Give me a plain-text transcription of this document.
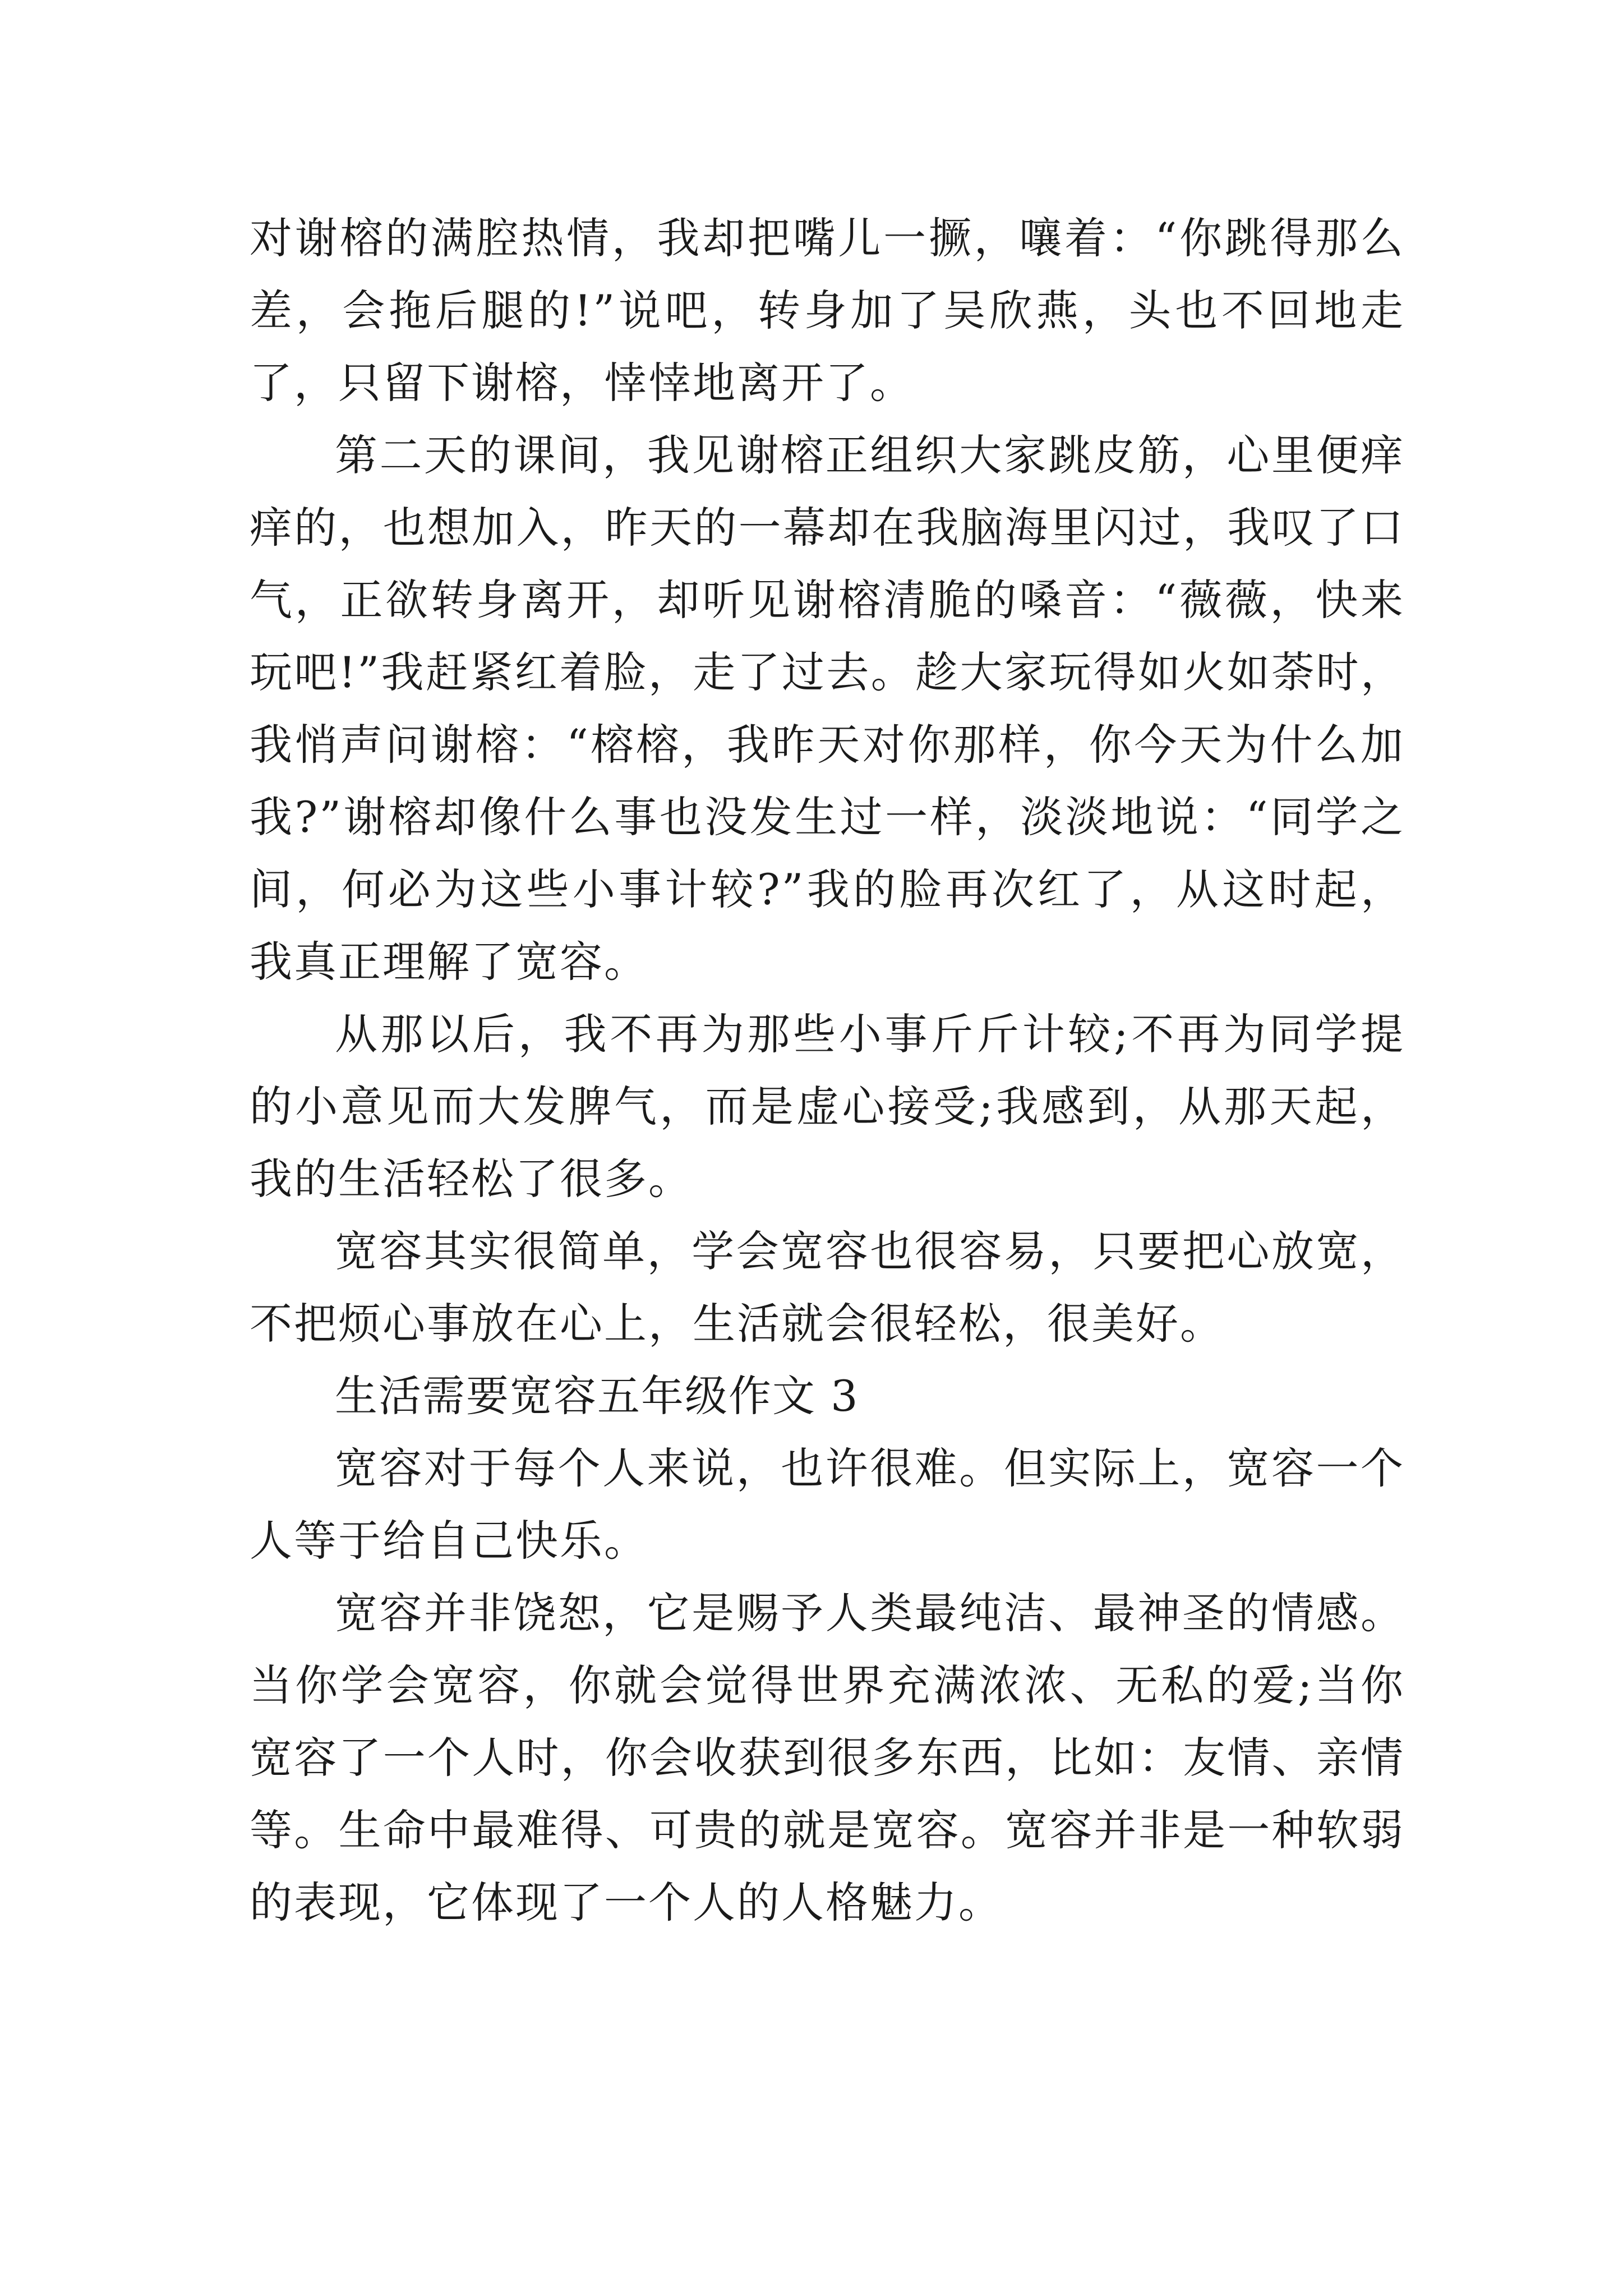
对谢榕的满腔热情，我却把嘴儿一撅，嚷着：“你跳得那么差，会拖后腿的!”说吧，转身加了吴欣燕，头也不回地走了，只留下谢榕，悻悻地离开了。

第二天的课间，我见谢榕正组织大家跳皮筋，心里便痒痒的，也想加入，昨天的一幕却在我脑海里闪过，我叹了口气，正欲转身离开，却听见谢榕清脆的嗓音：“薇薇，快来玩吧!”我赶紧红着脸，走了过去。趁大家玩得如火如荼时，我悄声问谢榕：“榕榕，我昨天对你那样，你今天为什么加我?”谢榕却像什么事也没发生过一样，淡淡地说：“同学之间，何必为这些小事计较?”我的脸再次红了，从这时起，我真正理解了宽容。

从那以后，我不再为那些小事斤斤计较;不再为同学提的小意见而大发脾气，而是虚心接受;我感到，从那天起，我的生活轻松了很多。

宽容其实很简单，学会宽容也很容易，只要把心放宽，不把烦心事放在心上，生活就会很轻松，很美好。

生活需要宽容五年级作文 3

宽容对于每个人来说，也许很难。但实际上，宽容一个人等于给自己快乐。

宽容并非饶恕，它是赐予人类最纯洁、最神圣的情感。当你学会宽容，你就会觉得世界充满浓浓、无私的爱;当你宽容了一个人时，你会收获到很多东西，比如：友情、亲情等。生命中最难得、可贵的就是宽容。宽容并非是一种软弱的表现，它体现了一个人的人格魅力。
